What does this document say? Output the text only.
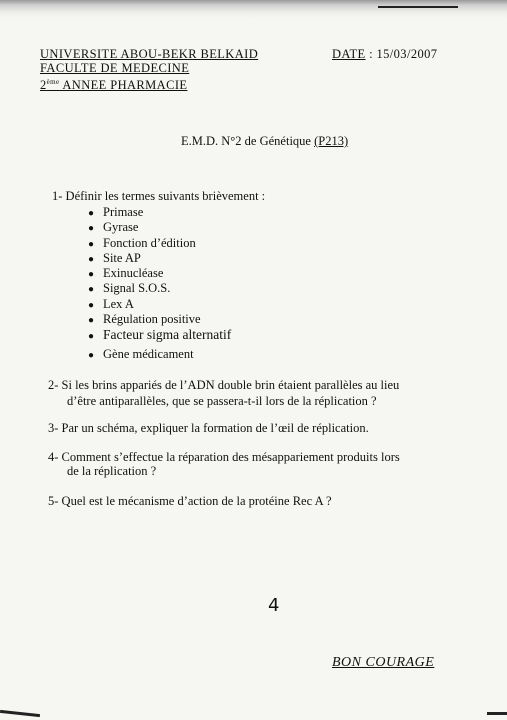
UNIVERSITE ABOU-BEKR BELKAID
FACULTE DE MEDECINE
2ème ANNEE PHARMACIE
DATE : 15/03/2007
E.M.D. N°2 de Génétique (P213)
1- Définir les termes suivants brièvement :
● Primase
● Gyrase
● Fonction d’édition
● Site AP
● Exinucléase
● Signal S.O.S.
● Lex A
● Régulation positive
● Facteur sigma alternatif
● Gène médicament
2- Si les brins appariés de l’ADN double brin étaient parallèles au lieu
d’être antiparallèles, que se passera-t-il lors de la réplication ?
3- Par un schéma, expliquer la formation de l’œil de réplication.
4- Comment s’effectue la réparation des mésappariement produits lors
de la réplication ?
5- Quel est le mécanisme d’action de la protéine Rec A ?
4
BON COURAGE
